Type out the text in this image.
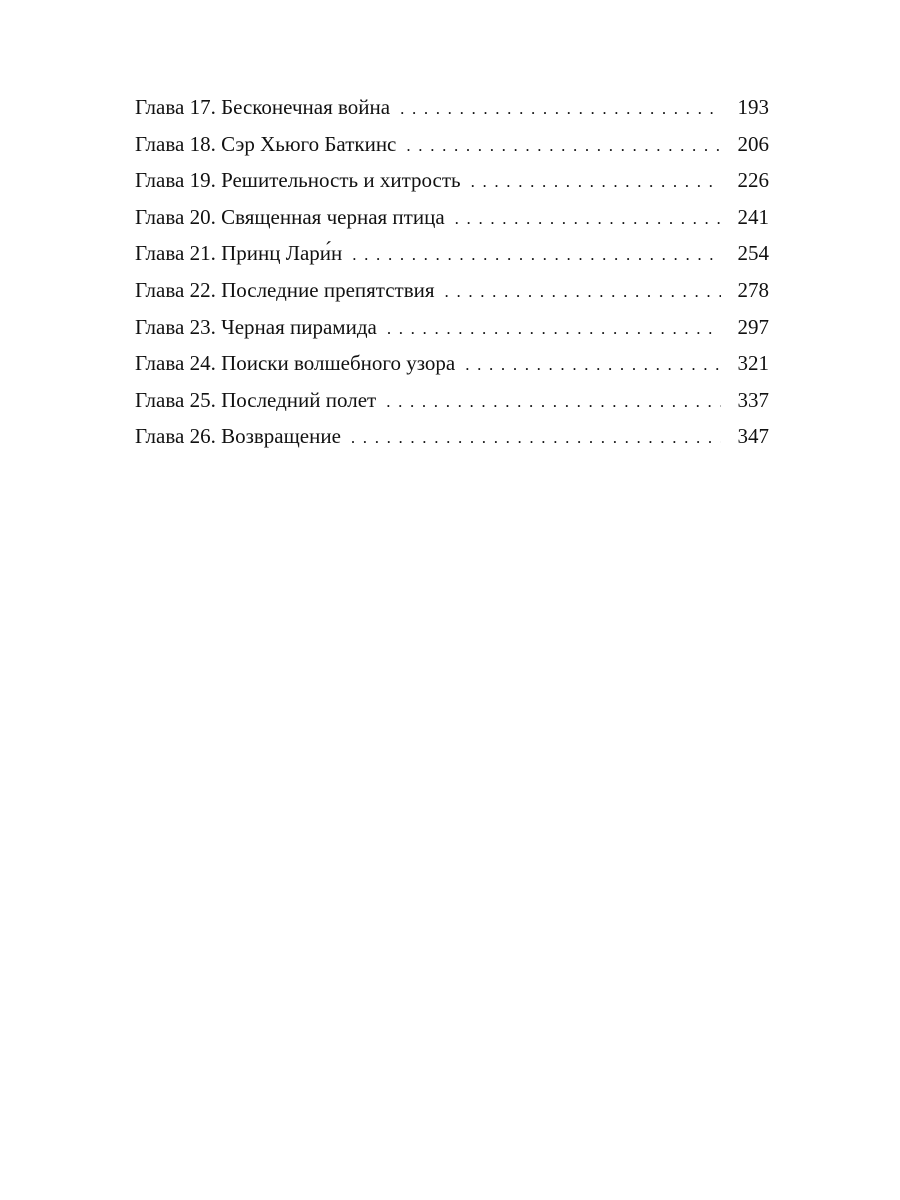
Глава 17. Бесконечная война . . .	193
Глава 18. Сэр Хьюго Баткинс . . .	206
Глава 19. Решительность и хитрость . . .	226
Глава 20. Священная черная птица . . .	241
Глава 21. Принц Лари́н . . .	254
Глава 22. Последние препятствия . . .	278
Глава 23. Черная пирамида . . .	297
Глава 24. Поиски волшебного узора . . .	321
Глава 25. Последний полет . . .	337
Глава 26. Возвращение . . .	347
